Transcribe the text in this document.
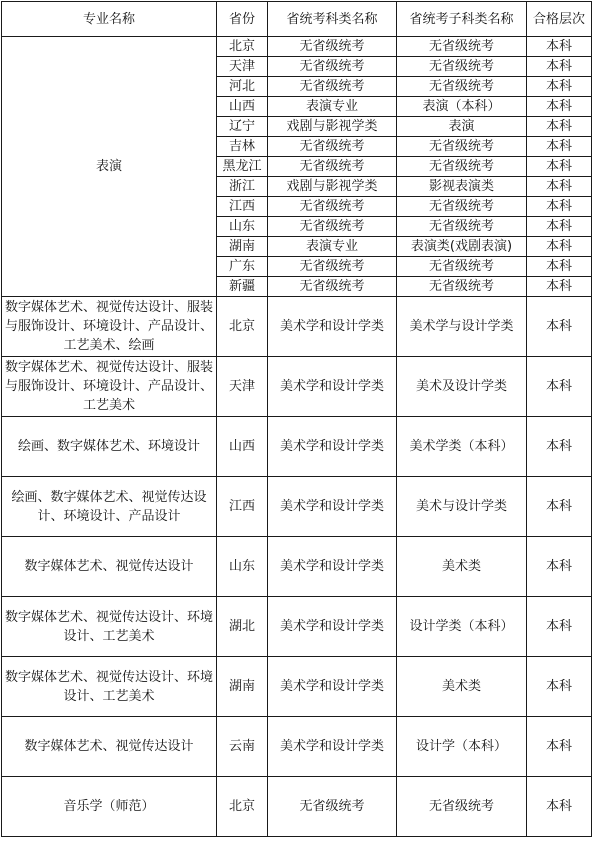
专业名称	省份	省统考科类名称	省统考子科类名称	合格层次
表演	北京	无省级统考	无省级统考	本科
	天津	无省级统考	无省级统考	本科
	河北	无省级统考	无省级统考	本科
	山西	表演专业	表演（本科）	本科
	辽宁	戏剧与影视学类	表演	本科
	吉林	无省级统考	无省级统考	本科
	黑龙江	无省级统考	无省级统考	本科
	浙江	戏剧与影视学类	影视表演类	本科
	江西	无省级统考	无省级统考	本科
	山东	无省级统考	无省级统考	本科
	湖南	表演专业	表演类(戏剧表演)	本科
	广东	无省级统考	无省级统考	本科
	新疆	无省级统考	无省级统考	本科
数字媒体艺术、视觉传达设计、服装与服饰设计、环境设计、产品设计、工艺美术、绘画	北京	美术学和设计学类	美术学与设计学类	本科
数字媒体艺术、视觉传达设计、服装与服饰设计、环境设计、产品设计、工艺美术	天津	美术学和设计学类	美术及设计学类	本科
绘画、数字媒体艺术、环境设计	山西	美术学和设计学类	美术学类（本科）	本科
绘画、数字媒体艺术、视觉传达设计、环境设计、产品设计	江西	美术学和设计学类	美术与设计学类	本科
数字媒体艺术、视觉传达设计	山东	美术学和设计学类	美术类	本科
数字媒体艺术、视觉传达设计、环境设计、工艺美术	湖北	美术学和设计学类	设计学类（本科）	本科
数字媒体艺术、视觉传达设计、环境设计、工艺美术	湖南	美术学和设计学类	美术类	本科
数字媒体艺术、视觉传达设计	云南	美术学和设计学类	设计学（本科）	本科
音乐学（师范）	北京	无省级统考	无省级统考	本科
